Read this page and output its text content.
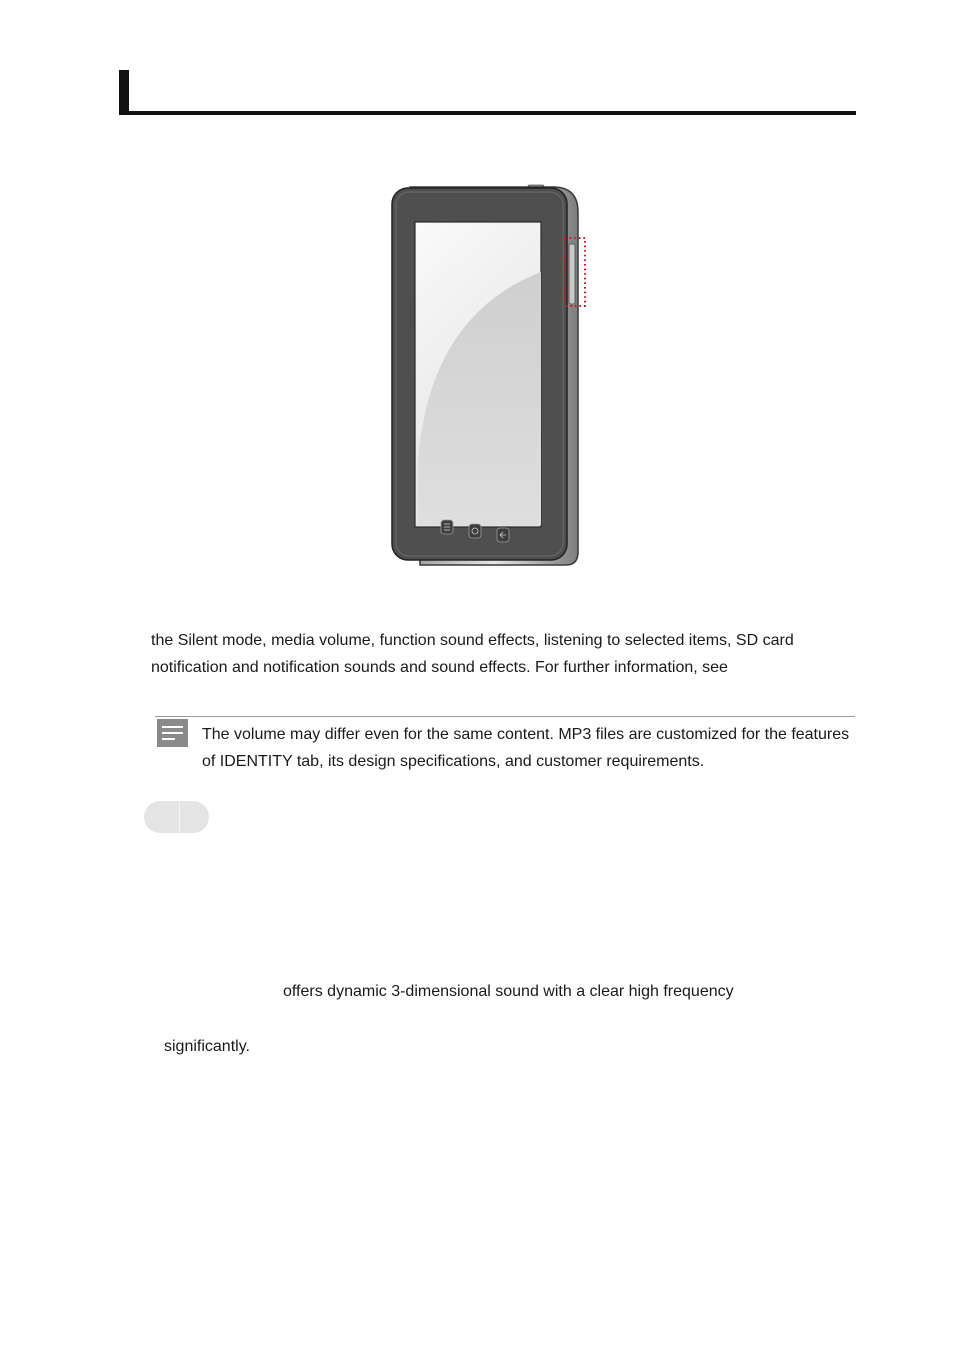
the Silent mode, media volume, function sound effects, listening to selected items, SD card notification and notification sounds and sound effects. For further information, see

The volume may differ even for the same content. MP3 files are customized for the features of IDENTITY tab, its design specifications, and customer requirements.

offers dynamic 3-dimensional sound with a clear high frequency

significantly.
